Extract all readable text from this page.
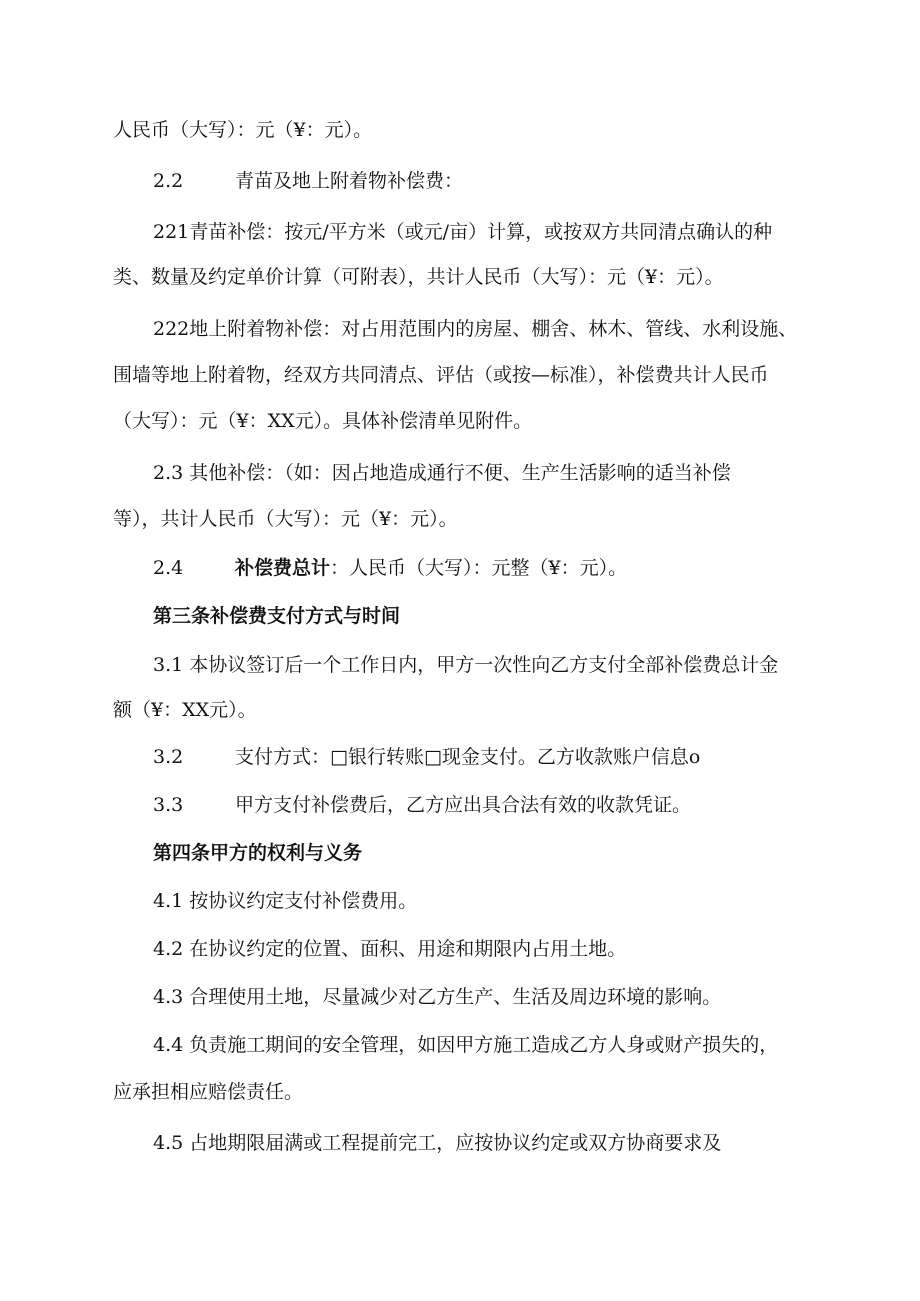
人民币（大写）：元（¥：元）。
2.2	青苗及地上附着物补偿费：
221青苗补偿：按元/平方米（或元/亩）计算，或按双方共同清点确认的种
类、数量及约定单价计算（可附表），共计人民币（大写）：元（¥：元）。
222地上附着物补偿：对占用范围内的房屋、棚舍、林木、管线、水利设施、
围墙等地上附着物，经双方共同清点、评估（或按—标准），补偿费共计人民币
（大写）：元（¥：XX元）。具体补偿清单见附件。
2.3 其他补偿：（如：因占地造成通行不便、生产生活影响的适当补偿
等），共计人民币（大写）：元（¥：元）。
2.4	补偿费总计：人民币（大写）：元整（¥：元）。
第三条补偿费支付方式与时间
3.1 本协议签订后一个工作日内，甲方一次性向乙方支付全部补偿费总计金
额（¥：XX元）。
3.2	支付方式：□银行转账□现金支付。乙方收款账户信息o
3.3	甲方支付补偿费后，乙方应出具合法有效的收款凭证。
第四条甲方的权利与义务
4.1 按协议约定支付补偿费用。
4.2 在协议约定的位置、面积、用途和期限内占用土地。
4.3 合理使用土地，尽量减少对乙方生产、生活及周边环境的影响。
4.4 负责施工期间的安全管理，如因甲方施工造成乙方人身或财产损失的，
应承担相应赔偿责任。
4.5 占地期限届满或工程提前完工，应按协议约定或双方协商要求及
